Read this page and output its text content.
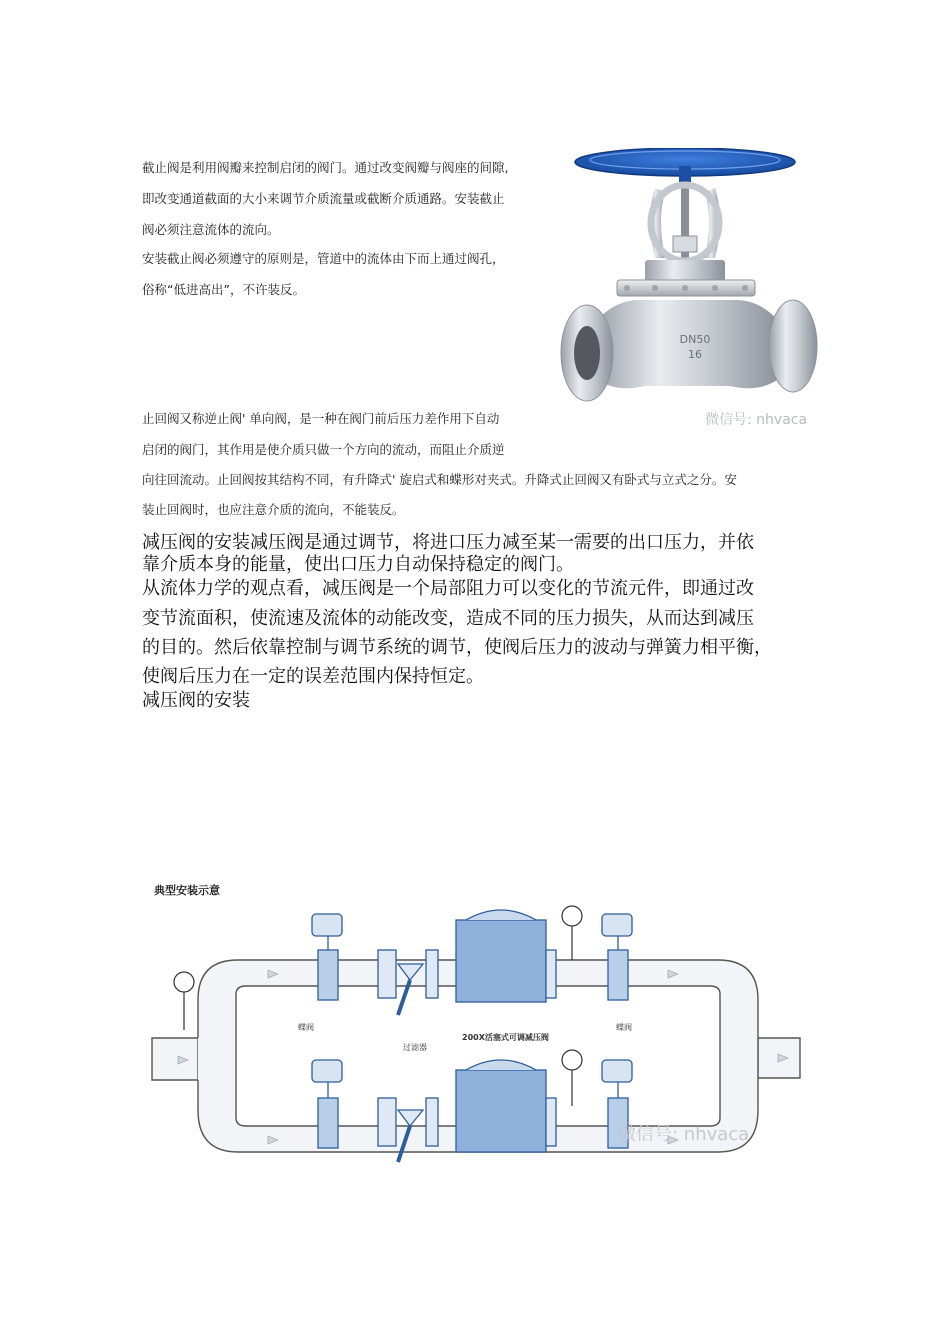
截止阀是利用阀瓣来控制启闭的阀门。通过改变阀瓣与阀座的间隙,
即改变通道截面的大小来调节介质流量或截断介质通路。安装截止
阀必须注意流体的流向。
安装截止阀必须遵守的原则是，管道中的流体由下而上通过阀孔，
俗称“低进高出”，不许装反。
DN50
16
微信号: nhvaca
止回阀又称逆止阀' 单向阀，是一种在阀门前后压力差作用下自动
启闭的阀门，其作用是使介质只做一个方向的流动，而阻止介质逆
向往回流动。止回阀按其结构不同，有升降式' 旋启式和蝶形对夹式。升降式止回阀又有卧式与立式之分。安
装止回阀时，也应注意介质的流向，不能装反。
减压阀的安装减压阀是通过调节，将进口压力减至某一需要的出口压力，并依
靠介质本身的能量，使出口压力自动保持稳定的阀门。
从流体力学的观点看，减压阀是一个局部阻力可以变化的节流元件，即通过改
变节流面积，使流速及流体的动能改变，造成不同的压力损失，从而达到减压
的目的。然后依靠控制与调节系统的调节，使阀后压力的波动与弹簧力相平衡，
使阀后压力在一定的误差范围内保持恒定。
减压阀的安装
典型安装示意
蝶阀	蝶阀
过滤器
200X活塞式可调减压阀
微信号: nhvaca
